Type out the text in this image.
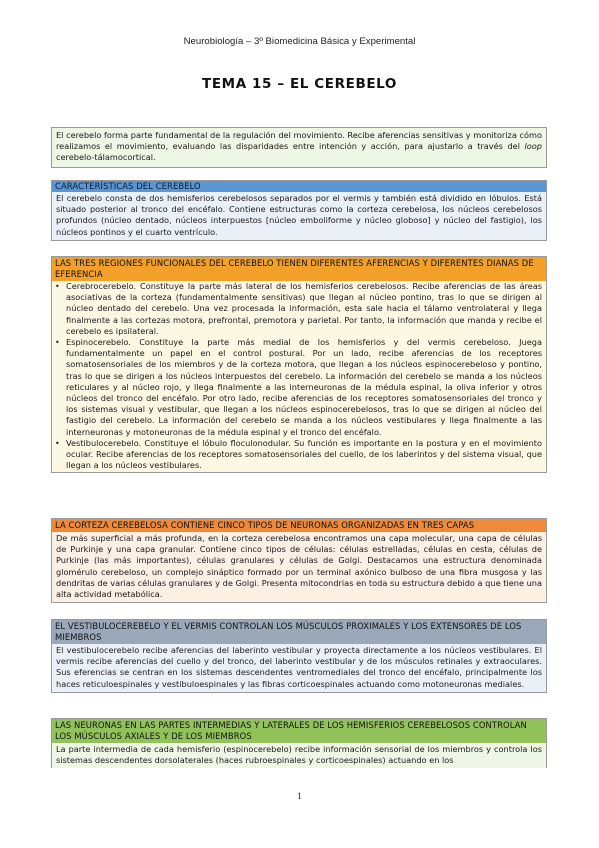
Neurobiología – 3º Biomedicina Básica y Experimental
TEMA 15 – EL CEREBELO
El cerebelo forma parte fundamental de la regulación del movimiento. Recibe aferencias sensitivas y monitoriza cómo realizamos el movimiento, evaluando las disparidades entre intención y acción, para ajustarlo a través del loop cerebelo-tálamocortical.
CARACTERÍSTICAS DEL CEREBELO
El cerebelo consta de dos hemisferios cerebelosos separados por el vermis y también está dividido en lóbulos. Está situado posterior al tronco del encéfalo. Contiene estructuras como la corteza cerebelosa, los núcleos cerebelosos profundos (núcleo dentado, núcleos interpuestos [núcleo emboliforme y núcleo globoso] y núcleo del fastigio), los núcleos pontinos y el cuarto ventrículo.
LAS TRES REGIONES FUNCIONALES DEL CEREBELO TIENEN DIFERENTES AFERENCIAS Y DIFERENTES DIANAS DE EFERENCIA
• Cerebrocerebelo. Constituye la parte más lateral de los hemisferios cerebelosos. Recibe aferencias de las áreas asociativas de la corteza (fundamentalmente sensitivas) que llegan al núcleo pontino, tras lo que se dirigen al núcleo dentado del cerebelo. Una vez procesada la información, esta sale hacia el tálamo ventrolateral y llega finalmente a las cortezas motora, prefrontal, premotora y parietal. Por tanto, la información que manda y recibe el cerebelo es ipsilateral.
• Espinocerebelo. Constituye la parte más medial de los hemisferios y del vermis cerebeloso. Juega fundamentalmente un papel en el control postural. Por un lado, recibe aferencias de los receptores somatosensoriales de los miembros y de la corteza motora, que llegan a los núcleos espinocerebeloso y pontino, tras lo que se dirigen a los núcleos interpuestos del cerebelo. La información del cerebelo se manda a los núcleos reticulares y al núcleo rojo, y llega finalmente a las interneuronas de la médula espinal, la oliva inferior y otros núcleos del tronco del encéfalo. Por otro lado, recibe aferencias de los receptores somatosensoriales del tronco y los sistemas visual y vestibular, que llegan a los núcleos espinocerebelosos, tras lo que se dirigen al núcleo del fastigio del cerebelo. La información del cerebelo se manda a los núcleos vestibulares y llega finalmente a las interneuronas y motoneuronas de la médula espinal y el tronco del encéfalo.
• Vestibulocerebelo. Constituye el lóbulo floculonodular. Su función es importante en la postura y en el movimiento ocular. Recibe aferencias de los receptores somatosensoriales del cuello, de los laberintos y del sistema visual, que llegan a los núcleos vestibulares.
LA CORTEZA CEREBELOSA CONTIENE CINCO TIPOS DE NEURONAS ORGANIZADAS EN TRES CAPAS
De más superficial a más profunda, en la corteza cerebelosa encontramos una capa molecular, una capa de células de Purkinje y una capa granular. Contiene cinco tipos de células: células estrelladas, células en cesta, células de Purkinje (las más importantes), células granulares y células de Golgi. Destacamos una estructura denominada glomérulo cerebeloso, un complejo sináptico formado por un terminal axónico bulboso de una fibra musgosa y las dendritas de varias células granulares y de Golgi. Presenta mitocondrias en toda su estructura debido a que tiene una alta actividad metabólica.
EL VESTIBULOCEREBELO Y EL VERMIS CONTROLAN LOS MÚSCULOS PROXIMALES Y LOS EXTENSORES DE LOS MIEMBROS
El vestibulocerebelo recibe aferencias del laberinto vestibular y proyecta directamente a los núcleos vestibulares. El vermis recibe aferencias del cuello y del tronco, del laberinto vestibular y de los músculos retinales y extraoculares. Sus eferencias se centran en los sistemas descendentes ventromediales del tronco del encéfalo, principalmente los haces reticuloespinales y vestibuloespinales y las fibras corticoespinales actuando como motoneuronas mediales.
LAS NEURONAS EN LAS PARTES INTERMEDIAS Y LATERALES DE LOS HEMISFERIOS CEREBELOSOS CONTROLAN LOS MÚSCULOS AXIALES Y DE LOS MIEMBROS
La parte intermedia de cada hemisferio (espinocerebelo) recibe información sensorial de los miembros y controla los sistemas descendentes dorsolaterales (haces rubroespinales y corticoespinales) actuando en los
1
